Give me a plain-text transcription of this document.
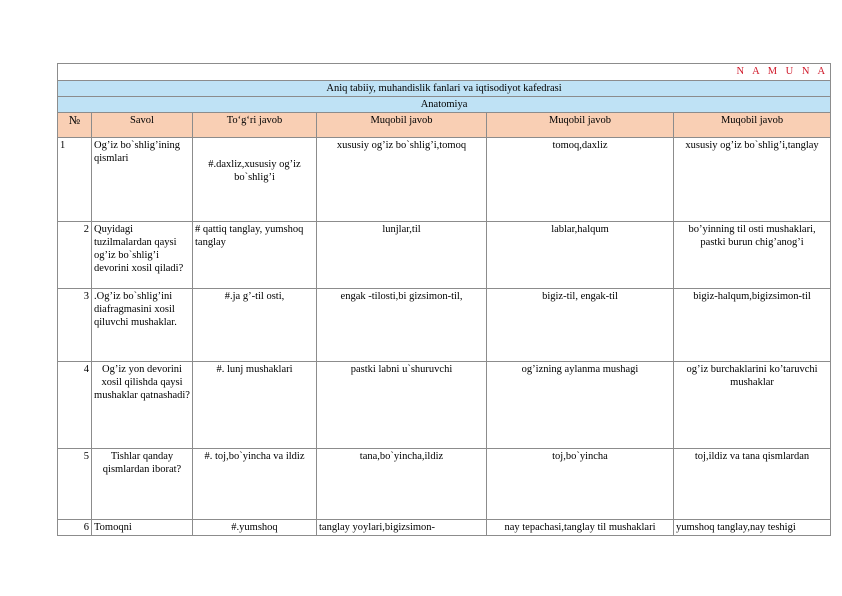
N A M U N A					
Aniq tabiiy, muhandislik fanlari va iqtisodiyot kafedrasi					
Anatomiya					
№	Savol	To‘g‘ri javob	Muqobil javob	Muqobil javob	Muqobil javob
1	Og’iz bo`shlig’ining qismlari	#.daxliz,xususiy og’iz bo`shlig’i	xususiy og’iz bo`shlig’i,tomoq	tomoq,daxliz	xususiy og’iz bo`shlig’i,tanglay
2	Quyidagi tuzilmalardan qaysi og’iz bo`shlig’i devorini xosil qiladi?	# qattiq tanglay, yumshoq tanglay	lunjlar,til	lablar,halqum	bo’yinning til osti mushaklari, pastki burun chig’anog’i
3	.Og’iz bo`shlig’ini diafragmasini xosil qiluvchi mushaklar.	#.ja g’-til osti,	engak -tilosti,bi gizsimon-til,	bigiz-til, engak-til	bigiz-halqum,bigizsimon-til
4	Og’iz yon devorini xosil qilishda qaysi mushaklar qatnashadi?	#. lunj mushaklari	pastki labni u`shuruvchi	og’izning aylanma mushagi	og’iz burchaklarini ko’taruvchi mushaklar
5	Tishlar qanday qismlardan iborat?	#. toj,bo`yincha va ildiz	tana,bo`yincha,ildiz	toj,bo`yincha	toj,ildiz va tana qismlardan
6	Tomoqni	#.yumshoq	tanglay yoylari,bigizsimon-	nay tepachasi,tanglay til mushaklari	yumshoq tanglay,nay teshigi
